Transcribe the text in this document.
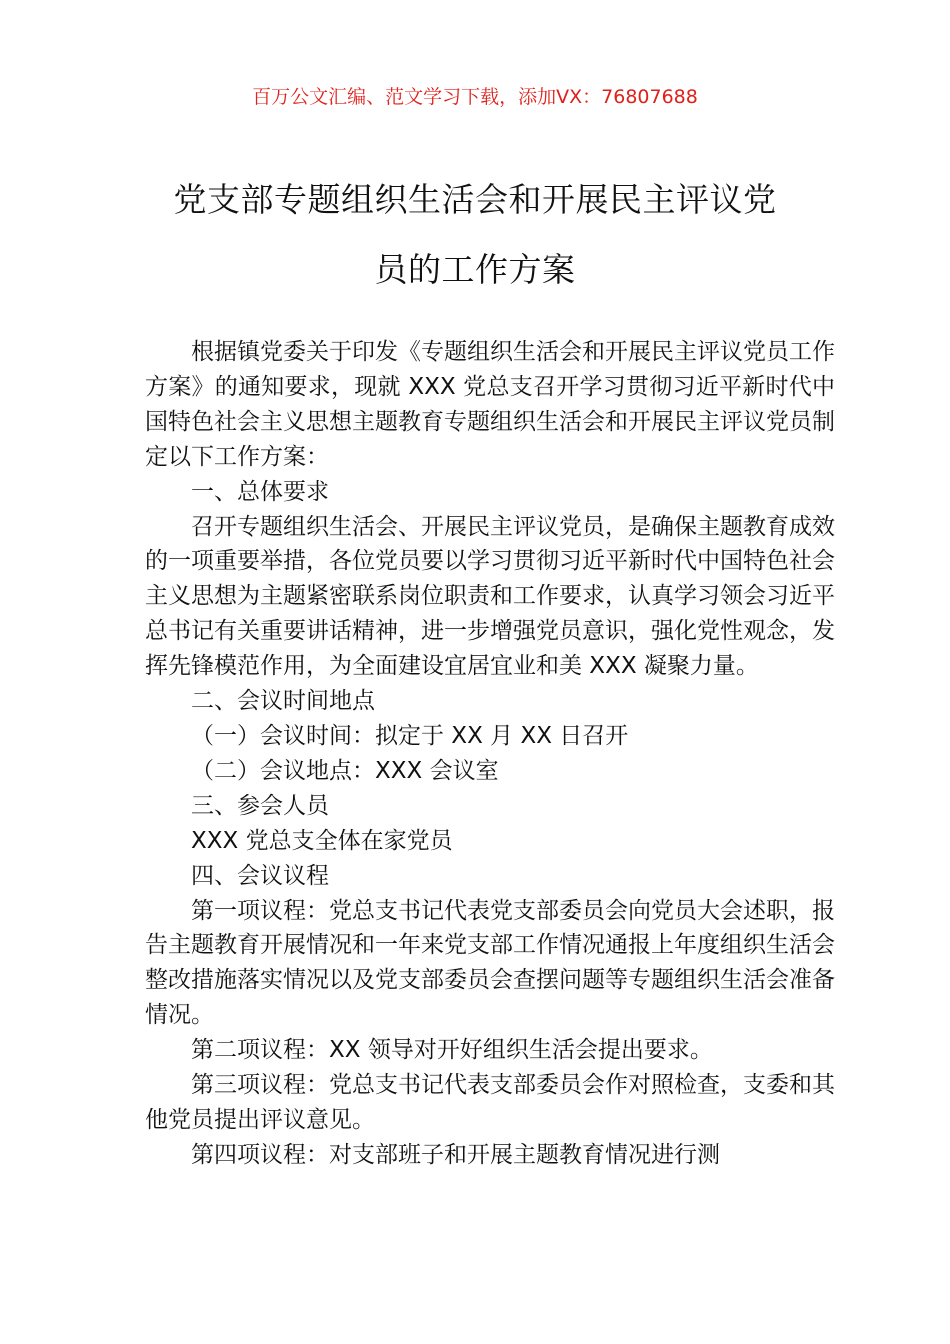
百万公文汇编、范文学习下载，添加VX：76807688
党支部专题组织生活会和开展民主评议党
员的工作方案

根据镇党委关于印发《专题组织生活会和开展民主评议党员工作方案》的通知要求，现就 XXX 党总支召开学习贯彻习近平新时代中国特色社会主义思想主题教育专题组织生活会和开展民主评议党员制定以下工作方案：

一、总体要求

召开专题组织生活会、开展民主评议党员，是确保主题教育成效的一项重要举措，各位党员要以学习贯彻习近平新时代中国特色社会主义思想为主题紧密联系岗位职责和工作要求，认真学习领会习近平总书记有关重要讲话精神，进一步增强党员意识，强化党性观念，发挥先锋模范作用，为全面建设宜居宜业和美 XXX 凝聚力量。

二、会议时间地点

（一）会议时间：拟定于 XX 月 XX 日召开

（二）会议地点：XXX 会议室

三、参会人员

XXX 党总支全体在家党员

四、会议议程

第一项议程：党总支书记代表党支部委员会向党员大会述职，报告主题教育开展情况和一年来党支部工作情况通报上年度组织生活会整改措施落实情况以及党支部委员会查摆问题等专题组织生活会准备情况。

第二项议程：XX 领导对开好组织生活会提出要求。

第三项议程：党总支书记代表支部委员会作对照检查，支委和其他党员提出评议意见。

第四项议程：对支部班子和开展主题教育情况进行测
